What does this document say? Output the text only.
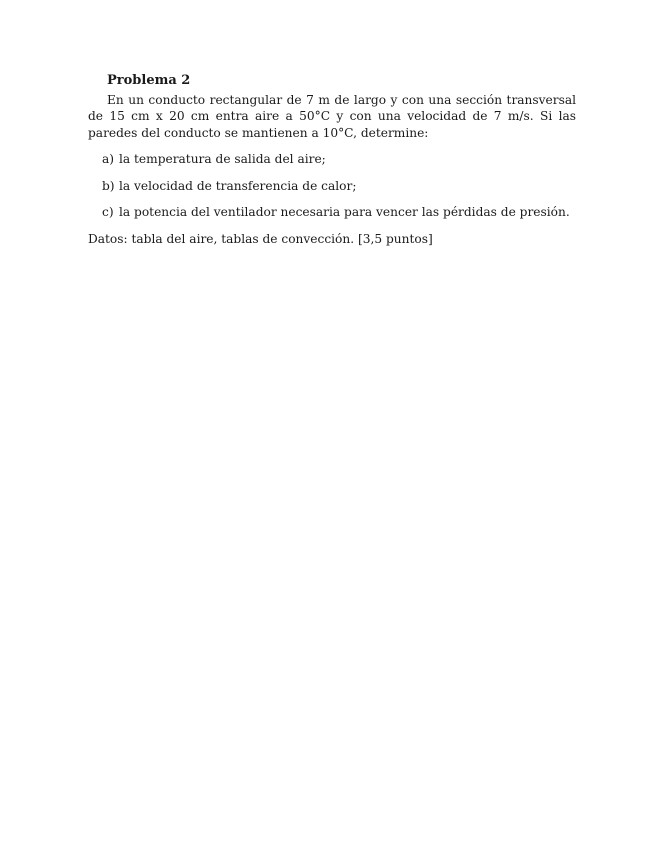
Problema 2

En un conducto rectangular de 7 m de largo y con una sección transversal de 15 cm x 20 cm entra aire a 50°C y con una velocidad de 7 m/s. Si las paredes del conducto se mantienen a 10°C, determine:

a) la temperatura de salida del aire;
b) la velocidad de transferencia de calor;
c) la potencia del ventilador necesaria para vencer las pérdidas de presión.

Datos: tabla del aire, tablas de convección. [3,5 puntos]
